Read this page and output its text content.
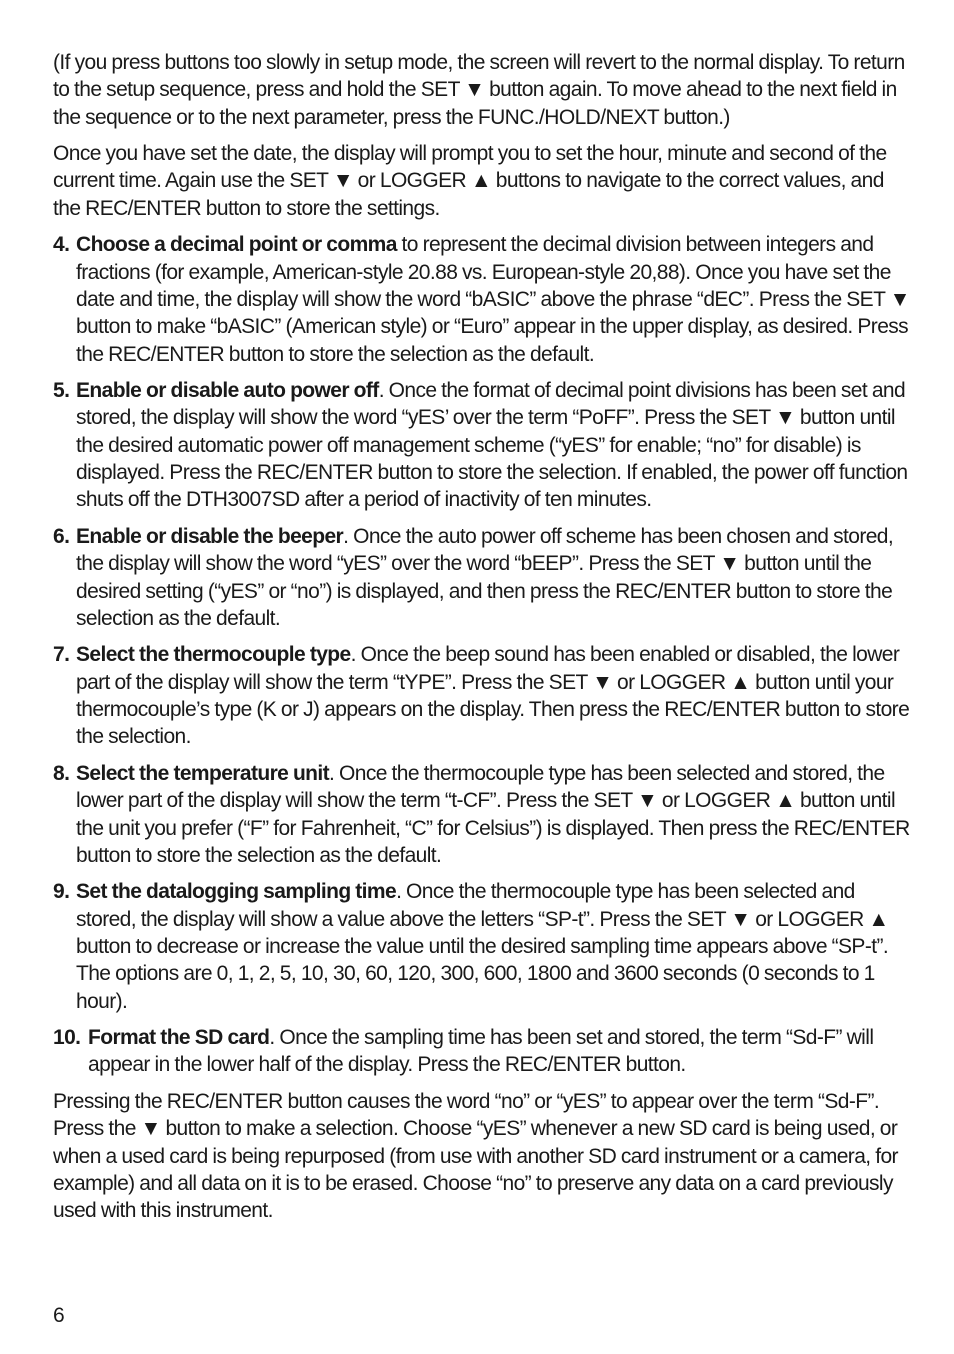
(If you press buttons too slowly in setup mode, the screen will revert to the normal display. To return to the setup sequence, press and hold the SET ▼ button again. To move ahead to the next field in the sequence or to the next parameter, press the FUNC./HOLD/NEXT button.)

Once you have set the date, the display will prompt you to set the hour, minute and second of the current time. Again use the SET ▼ or LOGGER ▲ buttons to navigate to the correct values, and the REC/ENTER button to store the settings.

4. Choose a decimal point or comma to represent the decimal division between integers and fractions (for example, American-style 20.88 vs. European-style 20,88). Once you have set the date and time, the display will show the word “bASIC” above the phrase “dEC”. Press the SET ▼ button to make “bASIC” (American style) or “Euro” appear in the upper display, as desired. Press the REC/ENTER button to store the selection as the default.
5. Enable or disable auto power off. Once the format of decimal point divisions has been set and stored, the display will show the word “yES’ over the term “PoFF”. Press the SET ▼ button until the desired automatic power off management scheme (“yES” for enable; “no” for disable) is displayed. Press the REC/ENTER button to store the selection. If enabled, the power off function shuts off the DTH3007SD after a period of inactivity of ten minutes.
6. Enable or disable the beeper. Once the auto power off scheme has been chosen and stored, the display will show the word “yES” over the word “bEEP”. Press the SET ▼ button until the desired setting (“yES” or “no”) is displayed, and then press the REC/ENTER button to store the selection as the default.
7. Select the thermocouple type. Once the beep sound has been enabled or disabled, the lower part of the display will show the term “tYPE”. Press the SET ▼ or LOGGER ▲ button until your thermocouple’s type (K or J) appears on the display. Then press the REC/ENTER button to store the selection.
8. Select the temperature unit. Once the thermocouple type has been selected and stored, the lower part of the display will show the term “t-CF”. Press the SET ▼ or LOGGER ▲ button until the unit you prefer (“F” for Fahrenheit, “C” for Celsius”) is displayed. Then press the REC/ENTER button to store the selection as the default.
9. Set the datalogging sampling time. Once the thermocouple type has been selected and stored, the display will show a value above the letters “SP-t”. Press the SET ▼ or LOGGER ▲ button to decrease or increase the value until the desired sampling time appears above “SP-t”. The options are 0, 1, 2, 5, 10, 30, 60, 120, 300, 600, 1800 and 3600 seconds (0 seconds to 1 hour).
10. Format the SD card. Once the sampling time has been set and stored, the term “Sd-F” will appear in the lower half of the display. Press the REC/ENTER button.

Pressing the REC/ENTER button causes the word “no” or “yES” to appear over the term “Sd-F”. Press the ▼ button to make a selection. Choose “yES” whenever a new SD card is being used, or when a used card is being repurposed (from use with another SD card instrument or a camera, for example) and all data on it is to be erased. Choose “no” to preserve any data on a card previously used with this instrument.

6
